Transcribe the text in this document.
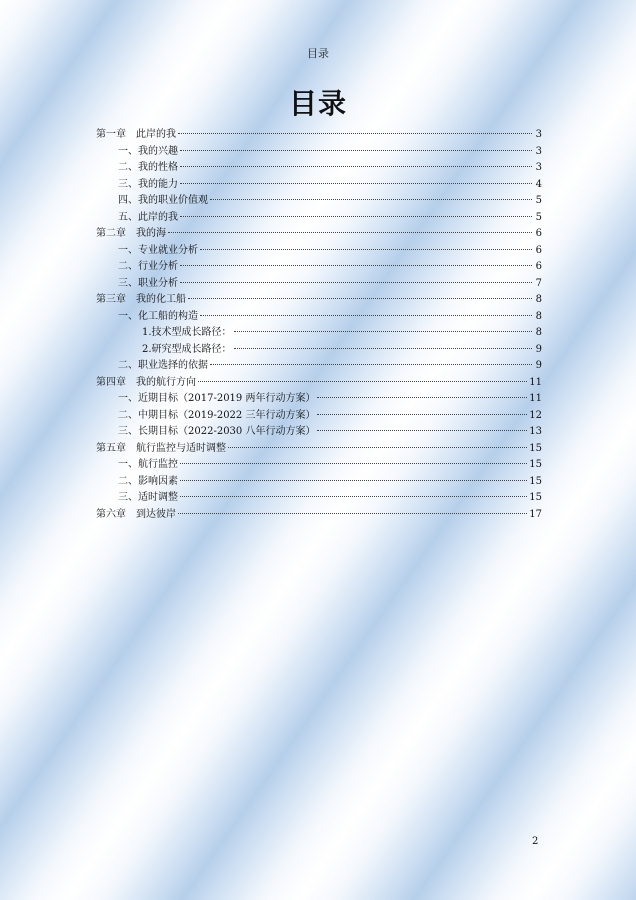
目录
目录
第一章　此岸的我	3
一、我的兴趣	3
二、我的性格	3
三、我的能力	4
四、我的职业价值观	5
五、此岸的我	5
第二章　我的海	6
一、专业就业分析	6
二、行业分析	6
三、职业分析	7
第三章　我的化工船	8
一、化工船的构造	8
1.技术型成长路径：	8
2.研究型成长路径：	9
二、职业选择的依据	9
第四章　我的航行方向	11
一、近期目标（2017-2019 两年行动方案）	11
二、中期目标（2019-2022 三年行动方案）	12
三、长期目标（2022-2030 八年行动方案）	13
第五章　航行监控与适时调整	15
一、航行监控	15
二、影响因素	15
三、适时调整	15
第六章　到达彼岸	17
2
